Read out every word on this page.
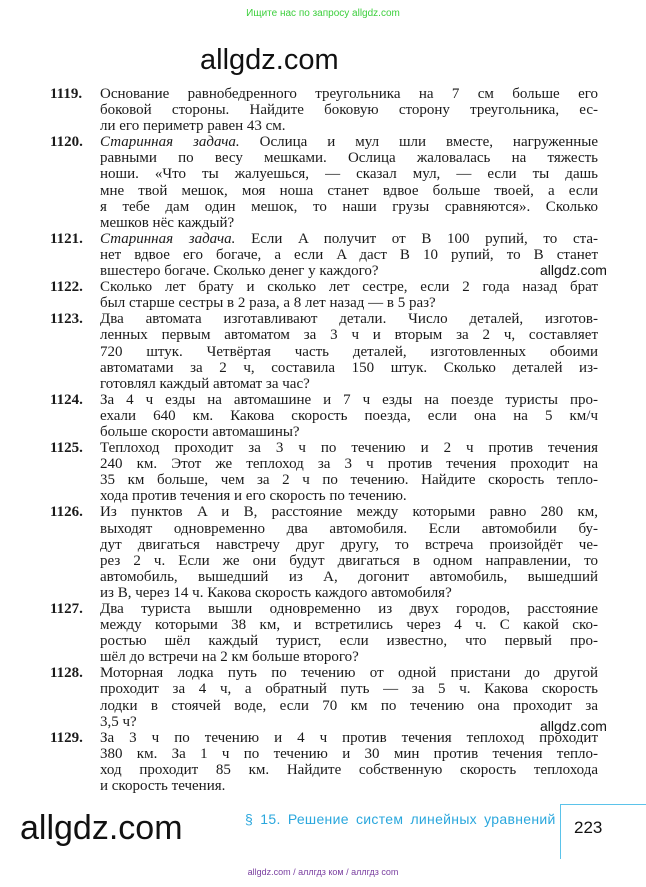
Ищите нас по запросу allgdz.com
allgdz.com
allgdz.com
allgdz.com
1119. Основание равнобедренного треугольника на 7 см больше его
боковой стороны. Найдите боковую сторону треугольника, ес-
ли его периметр равен 43 см.
1120. Старинная задача. Ослица и мул шли вместе, нагруженные
равными по весу мешками. Ослица жаловалась на тяжесть
ноши. «Что ты жалуешься, — сказал мул, — если ты дашь
мне твой мешок, моя ноша станет вдвое больше твоей, а если
я тебе дам один мешок, то наши грузы сравняются». Сколько
мешков нёс каждый?
1121. Старинная задача. Если A получит от B 100 рупий, то ста-
нет вдвое его богаче, а если A даст B 10 рупий, то B станет
вшестеро богаче. Сколько денег у каждого?
1122. Сколько лет брату и сколько лет сестре, если 2 года назад брат
был старше сестры в 2 раза, а 8 лет назад — в 5 раз?
1123. Два автомата изготавливают детали. Число деталей, изготов-
ленных первым автоматом за 3 ч и вторым за 2 ч, составляет
720 штук. Четвёртая часть деталей, изготовленных обоими
автоматами за 2 ч, составила 150 штук. Сколько деталей из-
готовлял каждый автомат за час?
1124. За 4 ч езды на автомашине и 7 ч езды на поезде туристы про-
ехали 640 км. Какова скорость поезда, если она на 5 км/ч
больше скорости автомашины?
1125. Теплоход проходит за 3 ч по течению и 2 ч против течения
240 км. Этот же теплоход за 3 ч против течения проходит на
35 км больше, чем за 2 ч по течению. Найдите скорость тепло-
хода против течения и его скорость по течению.
1126. Из пунктов A и B, расстояние между которыми равно 280 км,
выходят одновременно два автомобиля. Если автомобили бу-
дут двигаться навстречу друг другу, то встреча произойдёт че-
рез 2 ч. Если же они будут двигаться в одном направлении, то
автомобиль, вышедший из A, догонит автомобиль, вышедший
из B, через 14 ч. Какова скорость каждого автомобиля?
1127. Два туриста вышли одновременно из двух городов, расстояние
между которыми 38 км, и встретились через 4 ч. С какой ско-
ростью шёл каждый турист, если известно, что первый про-
шёл до встречи на 2 км больше второго?
1128. Моторная лодка путь по течению от одной пристани до другой
проходит за 4 ч, а обратный путь — за 5 ч. Какова скорость
лодки в стоячей воде, если 70 км по течению она проходит за
3,5 ч?
1129. За 3 ч по течению и 4 ч против течения теплоход проходит
380 км. За 1 ч по течению и 30 мин против течения тепло-
ход проходит 85 км. Найдите собственную скорость теплохода
и скорость течения.
allgdz.com	§ 15. Решение систем линейных уравнений 223
allgdz.com / аллгдз ком / аллгдз com
